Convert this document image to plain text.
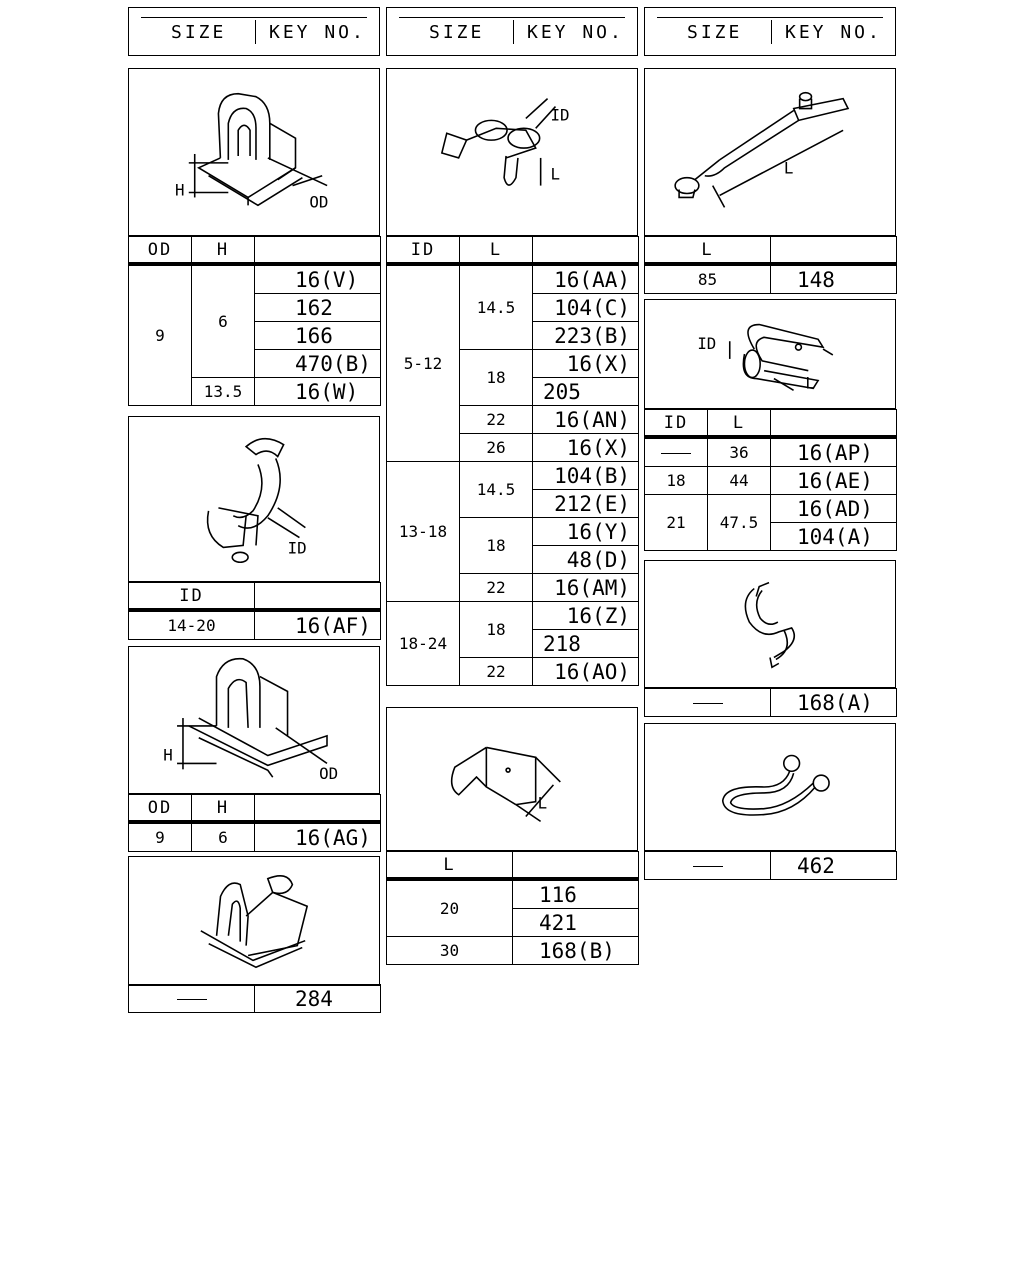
SIZE KEY NO.	SIZE KEY NO.	SIZE KEY NO.
H
OD
OD	H	
9	6	16(V)
		162
		166
		470(B)
	13.5	16(W)
ID
ID	
14-20	16(AF)
H
OD
OD	H	
9	6	16(AG)
	284
ID
L
ID	L	
5-12	14.5	16(AA)
		104(C)
		223(B)
	18	16(X)
		205
	22	16(AN)
	26	16(X)
13-18	14.5	104(B)
		212(E)
	18	16(Y)
		48(D)
	22	16(AM)
18-24	18	16(Z)
		218
	22	16(AO)
L
L	
20	116
	421
30	168(B)
L
L	
85	148
ID
L
ID	L	
	36	16(AP)
18	44	16(AE)
21	47.5	16(AD)
		104(A)
	168(A)
	462
